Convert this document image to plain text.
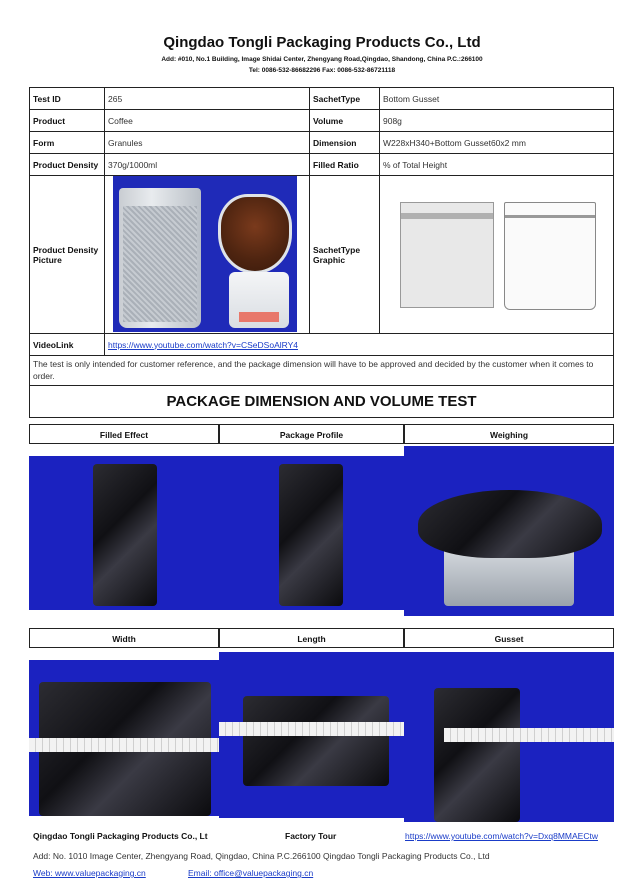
Qingdao Tongli Packaging Products Co., Ltd
Add: #010, No.1 Building, Image Shidai Center, Zhengyang Road,Qingdao, Shandong, China P.C.:266100
Tel: 0086-532-86682296 Fax: 0086-532-86721118
Test ID	265	SachetType	Bottom Gusset
Product	Coffee	Volume	908g
Form	Granules	Dimension	W228xH340+Bottom Gusset60x2 mm
Product Density	370g/1000ml	Filled Ratio	% of Total Height
Product Density Picture		SachetType Graphic	
VideoLink	https://www.youtube.com/watch?v=CSeDSoAlRY4		
The test is only intended for customer reference, and the package dimension will have to be approved and decided by the customer when it comes to order.
PACKAGE DIMENSION AND VOLUME TEST
Filled Effect	Package Profile	Weighing
Width	Length	Gusset
Qingdao Tongli Packaging Products Co., Lt	Factory Tour	https://www.youtube.com/watch?v=Dxq8MMAECtw
Add: No. 1010 Image Center, Zhengyang Road, Qingdao, China P.C.266100 Qingdao Tongli Packaging Products Co., Ltd
Web: www.valuepackaging.cn	Email: office@valuepackaging.cn
